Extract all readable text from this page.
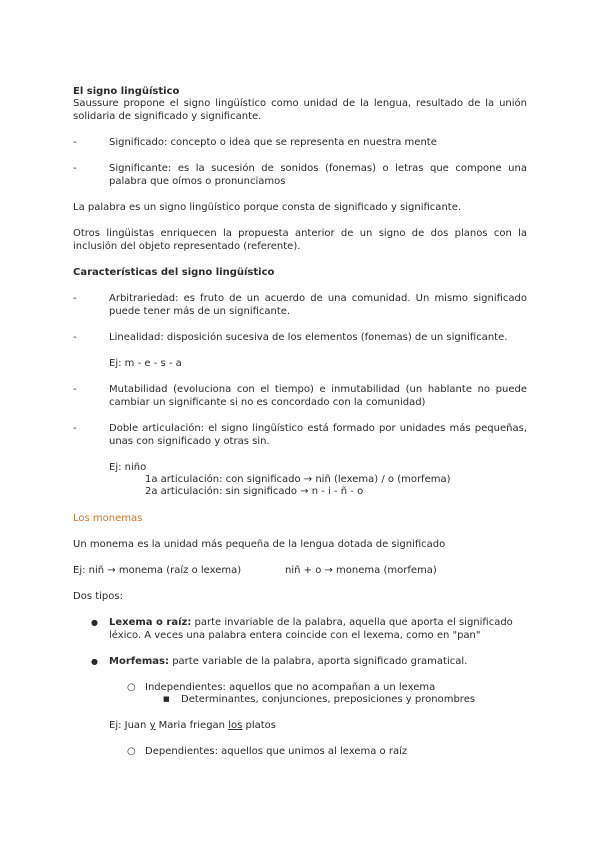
El signo lingüístico

Saussure propone el signo lingüístico como unidad de la lengua, resultado de la unión solidaria de significado y significante.

-	Significado: concepto o idea que se representa en nuestra mente

-	Significante: es la sucesión de sonidos (fonemas) o letras que compone una palabra que oímos o pronunciamos

La palabra es un signo lingüístico porque consta de significado y significante.

Otros lingüistas enriquecen la propuesta anterior de un signo de dos planos con la inclusión del objeto representado (referente).

Características del signo lingüístico

-	Arbitrariedad: es fruto de un acuerdo de una comunidad. Un mismo significado puede tener más de un significante.

-	Linealidad: disposición sucesiva de los elementos (fonemas) de un significante.

Ej: m - e - s - a

-	Mutabilidad (evoluciona con el tiempo) e inmutabilidad (un hablante no puede cambiar un significante si no es concordado con la comunidad)

-	Doble articulación: el signo lingüístico está formado por unidades más pequeñas, unas con significado y otras sin.

Ej: niño

1a articulación: con significado → niñ (lexema) / o (morfema)

2a articulación: sin significado → n - i - ñ - o

Los monemas

Un monema es la unidad más pequeña de la lengua dotada de significado

Ej: niñ → monema (raíz o lexema)	niñ + o → monema (morfema)

Dos tipos:

● Lexema o raíz: parte invariable de la palabra, aquella que aporta el significado léxico. A veces una palabra entera coincide con el lexema, como en "pan"

● Morfemas: parte variable de la palabra, aporta significado gramatical.

○ Independientes: aquellos que no acompañan a un lexema

■ Determinantes, conjunciones, preposiciones y pronombres

Ej: Juan y Maria friegan los platos

○ Dependientes: aquellos que unimos al lexema o raíz
